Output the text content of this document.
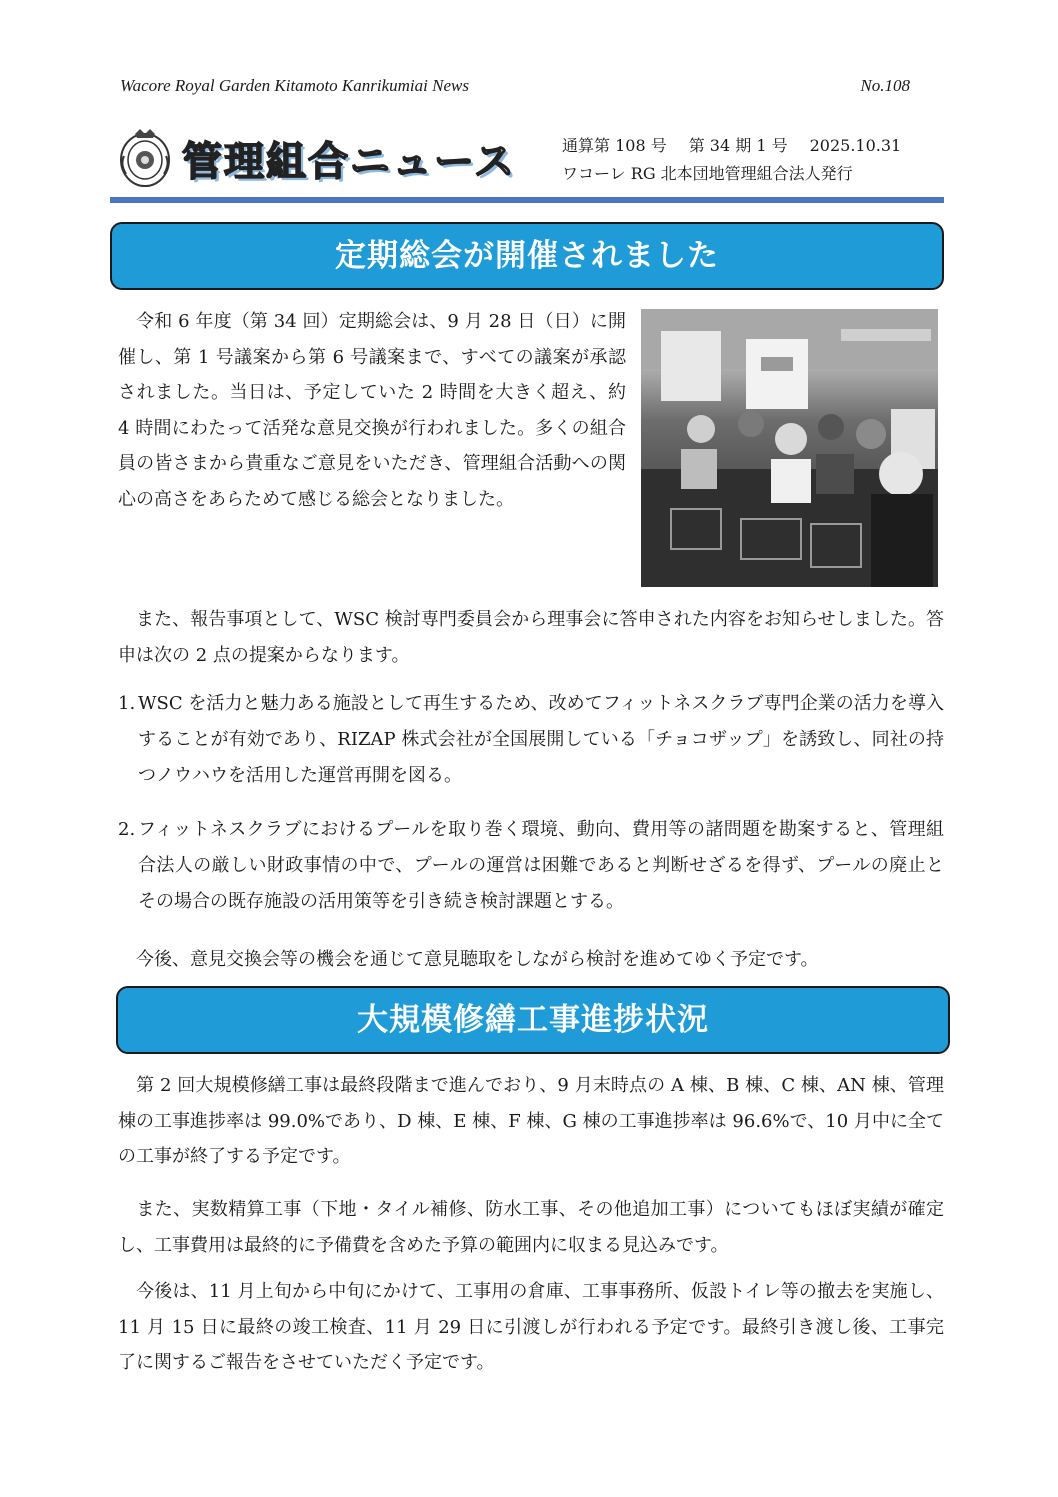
Wacore Royal Garden Kitamoto Kanrikumiai News	No.108
管理組合ニュース	通算第 108 号 第 34 期 1 号 2025.10.31
ワコーレ RG 北本団地管理組合法人発行
定期総会が開催されました
令和 6 年度（第 34 回）定期総会は、9 月 28 日（日）に開催し、第 1 号議案から第 6 号議案まで、すべての議案が承認されました。当日は、予定していた 2 時間を大きく超え、約 4 時間にわたって活発な意見交換が行われました。多くの組合員の皆さまから貴重なご意見をいただき、管理組合活動への関心の高さをあらためて感じる総会となりました。
また、報告事項として、WSC 検討専門委員会から理事会に答申された内容をお知らせしました。答申は次の 2 点の提案からなります。
1. WSC を活力と魅力ある施設として再生するため、改めてフィットネスクラブ専門企業の活力を導入することが有効であり、RIZAP 株式会社が全国展開している「チョコザップ」を誘致し、同社の持つノウハウを活用した運営再開を図る。
2. フィットネスクラブにおけるプールを取り巻く環境、動向、費用等の諸問題を勘案すると、管理組合法人の厳しい財政事情の中で、プールの運営は困難であると判断せざるを得ず、プールの廃止とその場合の既存施設の活用策等を引き続き検討課題とする。
今後、意見交換会等の機会を通じて意見聴取をしながら検討を進めてゆく予定です。
大規模修繕工事進捗状況
第 2 回大規模修繕工事は最終段階まで進んでおり、9 月末時点の A 棟、B 棟、C 棟、AN 棟、管理棟の工事進捗率は 99.0%であり、D 棟、E 棟、F 棟、G 棟の工事進捗率は 96.6%で、10 月中に全ての工事が終了する予定です。
また、実数精算工事（下地・タイル補修、防水工事、その他追加工事）についてもほぼ実績が確定し、工事費用は最終的に予備費を含めた予算の範囲内に収まる見込みです。
今後は、11 月上旬から中旬にかけて、工事用の倉庫、工事事務所、仮設トイレ等の撤去を実施し、11 月 15 日に最終の竣工検査、11 月 29 日に引渡しが行われる予定です。最終引き渡し後、工事完了に関するご報告をさせていただく予定です。
